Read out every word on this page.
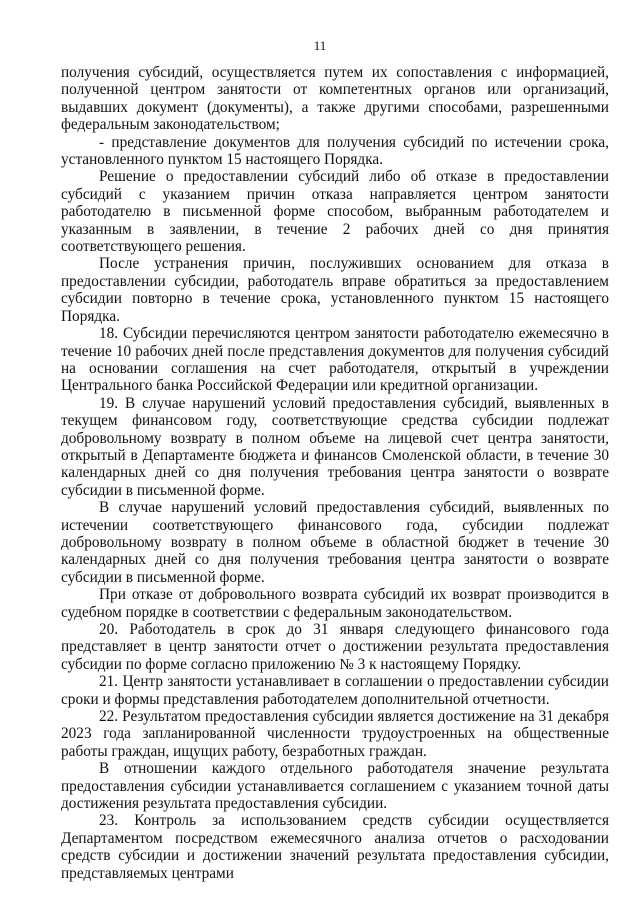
11

получения субсидий, осуществляется путем их сопоставления с информацией, полученной центром занятости от компетентных органов или организаций, выдавших документ (документы), а также другими способами, разрешенными федеральным законодательством;

- представление документов для получения субсидий по истечении срока, установленного пунктом 15 настоящего Порядка.

Решение о предоставлении субсидий либо об отказе в предоставлении субсидий с указанием причин отказа направляется центром занятости работодателю в письменной форме способом, выбранным работодателем и указанным в заявлении, в течение 2 рабочих дней со дня принятия соответствующего решения.

После устранения причин, послуживших основанием для отказа в предоставлении субсидии, работодатель вправе обратиться за предоставлением субсидии повторно в течение срока, установленного пунктом 15 настоящего Порядка.

18. Субсидии перечисляются центром занятости работодателю ежемесячно в течение 10 рабочих дней после представления документов для получения субсидий на основании соглашения на счет работодателя, открытый в учреждении Центрального банка Российской Федерации или кредитной организации.

19. В случае нарушений условий предоставления субсидий, выявленных в текущем финансовом году, соответствующие средства субсидии подлежат добровольному возврату в полном объеме на лицевой счет центра занятости, открытый в Департаменте бюджета и финансов Смоленской области, в течение 30 календарных дней со дня получения требования центра занятости о возврате субсидии в письменной форме.

В случае нарушений условий предоставления субсидий, выявленных по истечении соответствующего финансового года, субсидии подлежат добровольному возврату в полном объеме в областной бюджет в течение 30 календарных дней со дня получения требования центра занятости о возврате субсидии в письменной форме.

При отказе от добровольного возврата субсидий их возврат производится в судебном порядке в соответствии с федеральным законодательством.

20. Работодатель в срок до 31 января следующего финансового года представляет в центр занятости отчет о достижении результата предоставления субсидии по форме согласно приложению № 3 к настоящему Порядку.

21. Центр занятости устанавливает в соглашении о предоставлении субсидии сроки и формы представления работодателем дополнительной отчетности.

22. Результатом предоставления субсидии является достижение на 31 декабря 2023 года запланированной численности трудоустроенных на общественные работы граждан, ищущих работу, безработных граждан.

В отношении каждого отдельного работодателя значение результата предоставления субсидии устанавливается соглашением с указанием точной даты достижения результата предоставления субсидии.

23. Контроль за использованием средств субсидии осуществляется Департаментом посредством ежемесячного анализа отчетов о расходовании средств субсидии и достижении значений результата предоставления субсидии, представляемых центрами
